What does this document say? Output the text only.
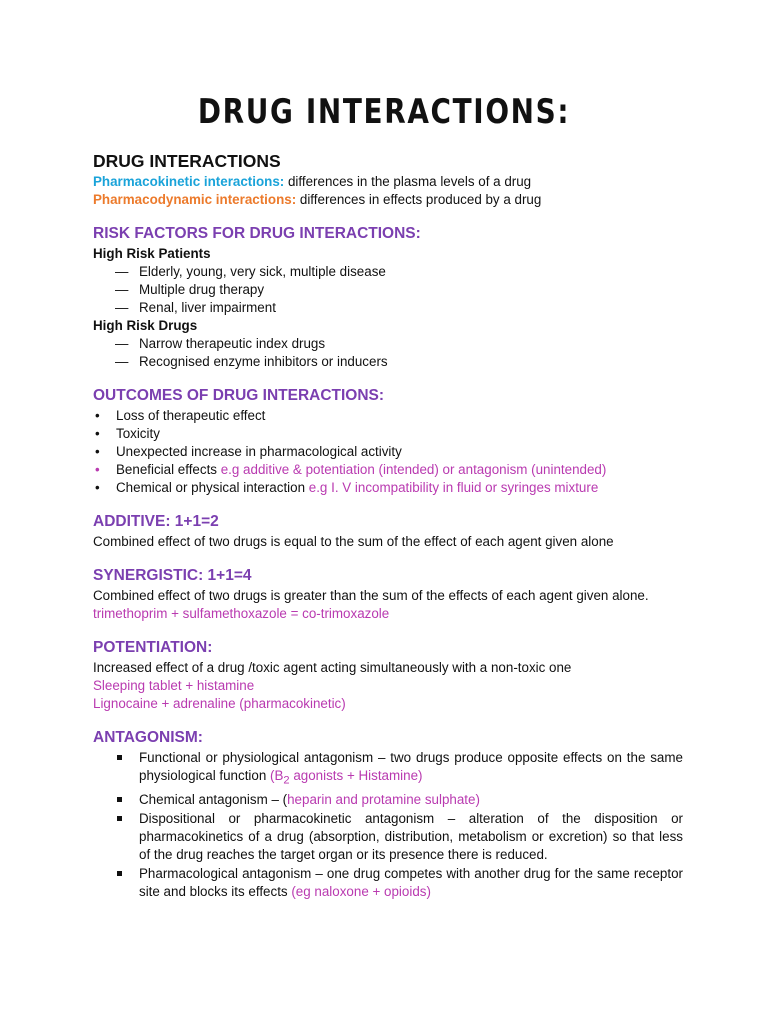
DRUG INTERACTIONS:
DRUG INTERACTIONS

Pharmacokinetic interactions: differences in the plasma levels of a drug

Pharmacodynamic interactions: differences in effects produced by a drug

RISK FACTORS FOR DRUG INTERACTIONS:

High Risk Patients

— Elderly, young, very sick, multiple disease
— Multiple drug therapy
— Renal, liver impairment

High Risk Drugs

— Narrow therapeutic index drugs
— Recognised enzyme inhibitors or inducers
OUTCOMES OF DRUG INTERACTIONS:
• Loss of therapeutic effect
• Toxicity
• Unexpected increase in pharmacological activity
• Beneficial effects e.g additive & potentiation (intended) or antagonism (unintended)
• Chemical or physical interaction e.g I. V incompatibility in fluid or syringes mixture
ADDITIVE: 1+1=2

Combined effect of two drugs is equal to the sum of the effect of each agent given alone

SYNERGISTIC: 1+1=4

Combined effect of two drugs is greater than the sum of the effects of each agent given alone.

trimethoprim + sulfamethoxazole = co-trimoxazole

POTENTIATION:

Increased effect of a drug /toxic agent acting simultaneously with a non-toxic one

Sleeping tablet + histamine

Lignocaine + adrenaline (pharmacokinetic)

ANTAGONISM:
Functional or physiological antagonism – two drugs produce opposite effects on the same physiological function ($B_2$ agonists + Histamine)
Chemical antagonism – (heparin and protamine sulphate)
Dispositional or pharmacokinetic antagonism – alteration of the disposition or pharmacokinetics of a drug (absorption, distribution, metabolism or excretion) so that less of the drug reaches the target organ or its presence there is reduced.
Pharmacological antagonism – one drug competes with another drug for the same receptor site and blocks its effects (eg naloxone + opioids)
